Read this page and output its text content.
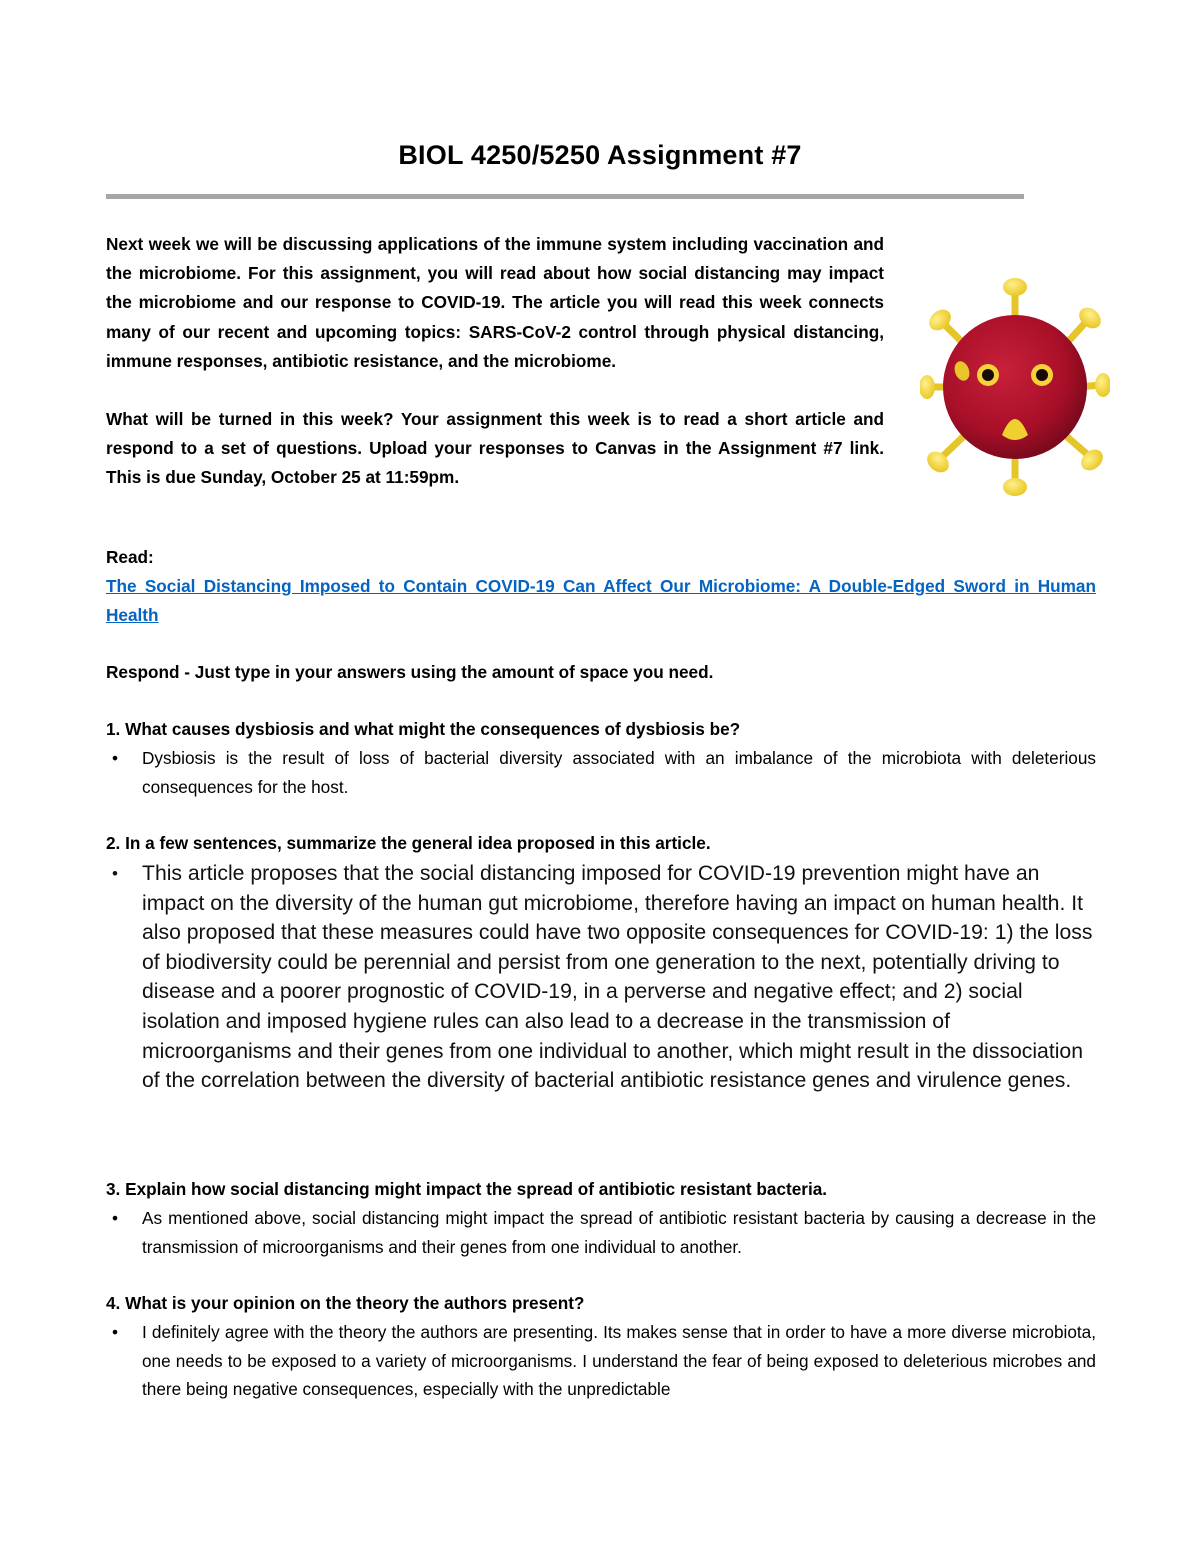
BIOL 4250/5250 Assignment #7

Next week we will be discussing applications of the immune system including vaccination and the microbiome. For this assignment, you will read about how social distancing may impact the microbiome and our response to COVID-19. The article you will read this week connects many of our recent and upcoming topics: SARS-CoV-2 control through physical distancing, immune responses, antibiotic resistance, and the microbiome.

What will be turned in this week? Your assignment this week is to read a short article and respond to a set of questions. Upload your responses to Canvas in the Assignment #7 link. This is due Sunday, October 25 at 11:59pm.

Read:
The Social Distancing Imposed to Contain COVID-19 Can Affect Our Microbiome: A Double-Edged Sword in Human Health
Respond - Just type in your answers using the amount of space you need.
1. What causes dysbiosis and what might the consequences of dysbiosis be?
• Dysbiosis is the result of loss of bacterial diversity associated with an imbalance of the microbiota with deleterious consequences for the host.
2. In a few sentences, summarize the general idea proposed in this article.
• This article proposes that the social distancing imposed for COVID-19 prevention might have an impact on the diversity of the human gut microbiome, therefore having an impact on human health. It also proposed that these measures could have two opposite consequences for COVID-19: 1) the loss of biodiversity could be perennial and persist from one generation to the next, potentially driving to disease and a poorer prognostic of COVID-19, in a perverse and negative effect; and 2) social isolation and imposed hygiene rules can also lead to a decrease in the transmission of microorganisms and their genes from one individual to another, which might result in the dissociation of the correlation between the diversity of bacterial antibiotic resistance genes and virulence genes.
3. Explain how social distancing might impact the spread of antibiotic resistant bacteria.
• As mentioned above, social distancing might impact the spread of antibiotic resistant bacteria by causing a decrease in the transmission of microorganisms and their genes from one individual to another.
4. What is your opinion on the theory the authors present?
• I definitely agree with the theory the authors are presenting. Its makes sense that in order to have a more diverse microbiota, one needs to be exposed to a variety of microorganisms. I understand the fear of being exposed to deleterious microbes and there being negative consequences, especially with the unpredictable
